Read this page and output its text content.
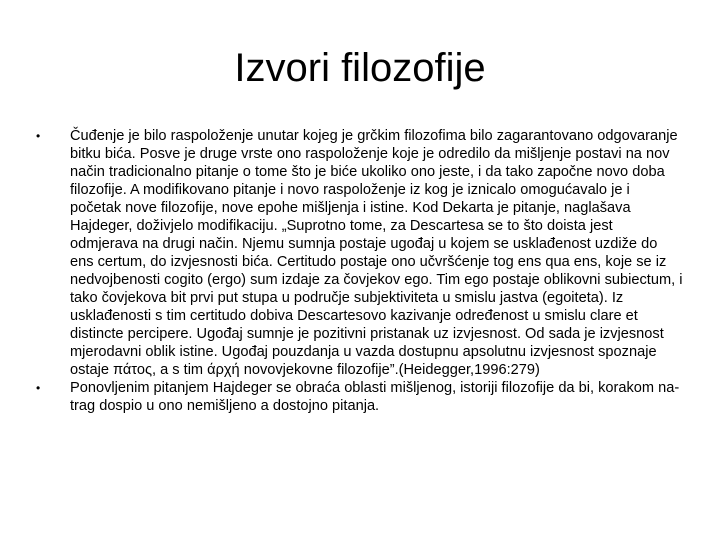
Izvori filozofije
•	Čuđenje je bilo raspoloženje unutar kojeg je grčkim filozofima bilo zagarantovano odgovaranje bitku bića. Posve je druge vrste ono raspoloženje koje je odredilo da mišljenje postavi na nov način tradicionalno pitanje o tome što je biće ukoliko ono jeste, i da tako započne novo doba filozofije. A modifikovano pitanje i novo raspoloženje iz kog je iznicalo omogućavalo je i početak nove filozofije, nove epohe mišljenja i istine. Kod Dekarta je pitanje, naglašava Hajdeger, doživjelo modifikaciju. „Suprotno tome, za Descartesa se to što doista jest odmjerava na drugi način. Njemu sumnja postaje ugođaj u kojem se usklađenost uzdiže do ens certum, do izvjesnosti bića. Certitudo postaje ono učvršćenje tog ens qua ens, koje se iz nedvojbenosti cogito (ergo) sum izdaje za čovjekov ego. Tim ego postaje oblikovni subiectum, i tako čovjekova bit prvi put stupa u područje subjektiviteta u smislu jastva (egoiteta). Iz usklađenosti s tim certitudo dobiva Descartesovo kazivanje određenost u smislu clare et distincte percipere. Ugođaj sumnje je pozitivni pristanak uz izvjesnost. Od sada je izvjesnost mjerodavni oblik istine. Ugođaj pouzdanja u vazda dostupnu apsolutnu izvjesnost spoznaje ostaje πάτος, a s tim άρχή novovjekovne filozofije”.(Heidegger,1996:279)
•	Ponovljenim pitanjem Hajdeger se obraća oblasti mišljenog, istoriji filozofije da bi, korakom na-trag dospio u ono nemišljeno a dostojno pitanja.
